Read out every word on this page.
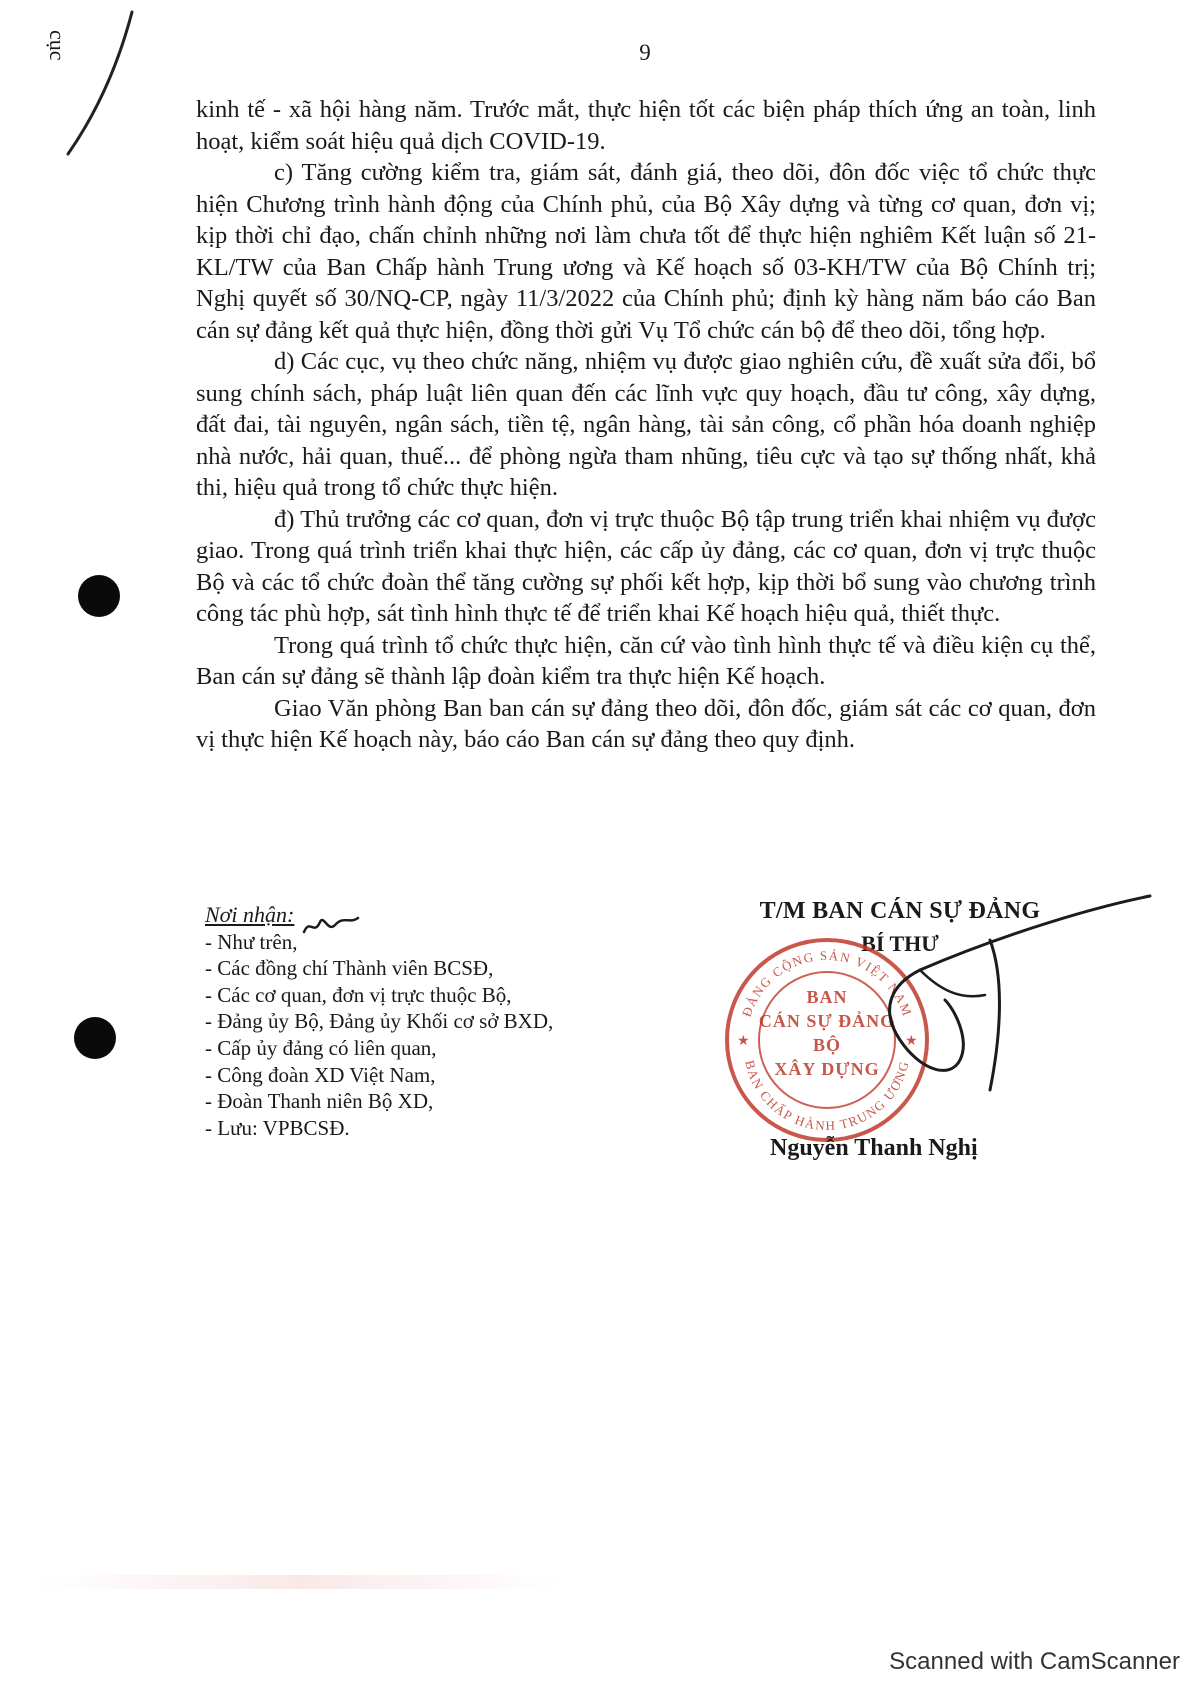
cục	9

kinh tế - xã hội hàng năm. Trước mắt, thực hiện tốt các biện pháp thích ứng an toàn, linh hoạt, kiểm soát hiệu quả dịch COVID-19.

c) Tăng cường kiểm tra, giám sát, đánh giá, theo dõi, đôn đốc việc tổ chức thực hiện Chương trình hành động của Chính phủ, của Bộ Xây dựng và từng cơ quan, đơn vị; kịp thời chỉ đạo, chấn chỉnh những nơi làm chưa tốt để thực hiện nghiêm Kết luận số 21-KL/TW của Ban Chấp hành Trung ương và Kế hoạch số 03-KH/TW của Bộ Chính trị; Nghị quyết số 30/NQ-CP, ngày 11/3/2022 của Chính phủ; định kỳ hàng năm báo cáo Ban cán sự đảng kết quả thực hiện, đồng thời gửi Vụ Tổ chức cán bộ để theo dõi, tổng hợp.

d) Các cục, vụ theo chức năng, nhiệm vụ được giao nghiên cứu, đề xuất sửa đổi, bổ sung chính sách, pháp luật liên quan đến các lĩnh vực quy hoạch, đầu tư công, xây dựng, đất đai, tài nguyên, ngân sách, tiền tệ, ngân hàng, tài sản công, cổ phần hóa doanh nghiệp nhà nước, hải quan, thuế... để phòng ngừa tham nhũng, tiêu cực và tạo sự thống nhất, khả thi, hiệu quả trong tổ chức thực hiện.

đ) Thủ trưởng các cơ quan, đơn vị trực thuộc Bộ tập trung triển khai nhiệm vụ được giao. Trong quá trình triển khai thực hiện, các cấp ủy đảng, các cơ quan, đơn vị trực thuộc Bộ và các tổ chức đoàn thể tăng cường sự phối kết hợp, kịp thời bổ sung vào chương trình công tác phù hợp, sát tình hình thực tế để triển khai Kế hoạch hiệu quả, thiết thực.

Trong quá trình tổ chức thực hiện, căn cứ vào tình hình thực tế và điều kiện cụ thể, Ban cán sự đảng sẽ thành lập đoàn kiểm tra thực hiện Kế hoạch.

Giao Văn phòng Ban ban cán sự đảng theo dõi, đôn đốc, giám sát các cơ quan, đơn vị thực hiện Kế hoạch này, báo cáo Ban cán sự đảng theo quy định.

Nơi nhận:
- Như trên,
- Các đồng chí Thành viên BCSĐ,
- Các cơ quan, đơn vị trực thuộc Bộ,
- Đảng ủy Bộ, Đảng ủy Khối cơ sở BXD,
- Cấp ủy đảng có liên quan,
- Công đoàn XD Việt Nam,
- Đoàn Thanh niên Bộ XD,
- Lưu: VPBCSĐ.
T/M BAN CÁN SỰ ĐẢNG
BÍ THƯ
ĐẢNG CỘNG SẢN VIỆT NAM
BAN CHẤP HÀNH TRUNG ƯƠNG
★	★
BAN
CÁN SỰ ĐẢNG
BỘ
XÂY DỰNG
Nguyễn Thanh Nghị
Scanned with CamScanner
